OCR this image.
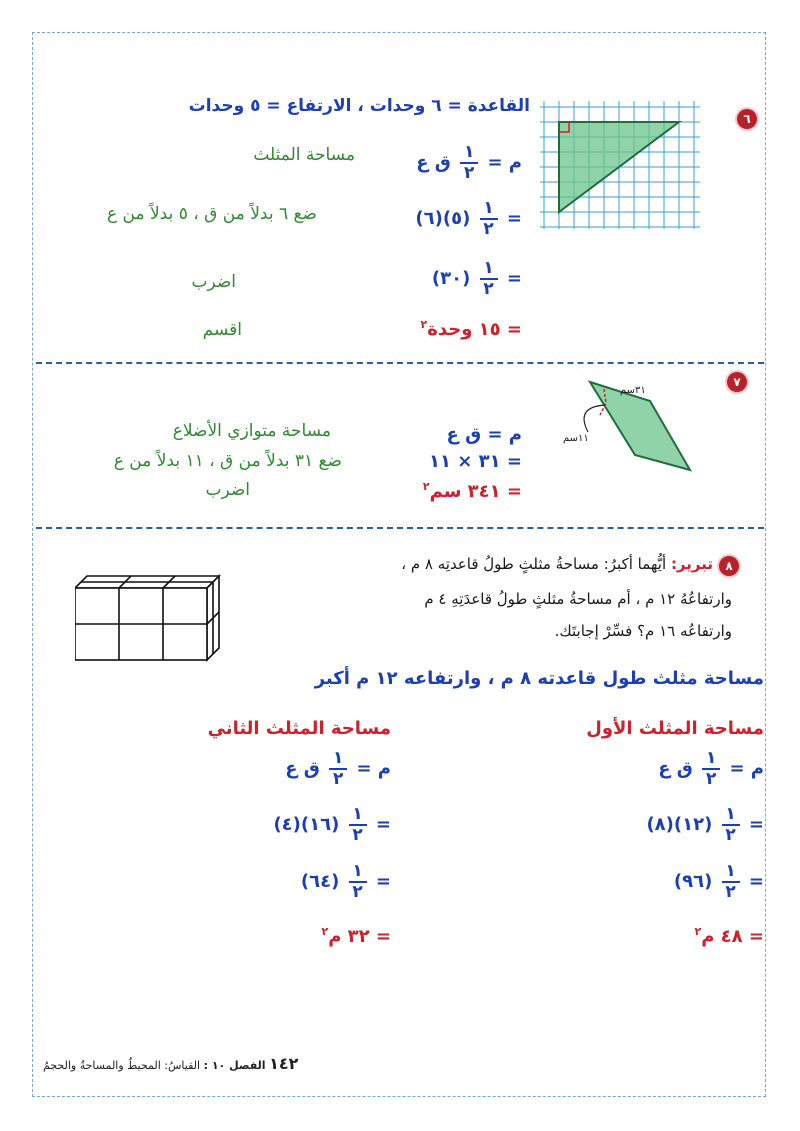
٦
القاعدة = ٦ وحدات ، الارتفاع = ٥ وحدات
م =
$\frac{١}{٢}$
ق ع
مساحة المثلث
=
$\frac{١}{٢}$
(٥)(٦)
ضع ٦ بدلاً من ق ، ٥ بدلاً من ع
=
$\frac{١}{٢}$
(٣٠)
اضرب
= ١٥ وحدة$^٢$
اقسم
٧
٣١سم
١١سم
م = ق ع
مساحة متوازي الأضلاع
= ٣١ × ١١
ضع ٣١ بدلاً من ق ، ١١ بدلاً من ع
= ٣٤١ سم$^٢$
اضرب
٨
تبرير: أيُّهما أكبرُ: مساحةُ مثلثٍ طولُ قاعدتِه ٨ م ،
وارتفاعُهُ ١٢ م ، أم مساحةُ مثلثٍ طولُ قاعدَتِهِ ٤ م
وارتفاعُه ١٦ م؟ فسِّرْ إجابتَك.
مساحة مثلث طول قاعدته ٨ م ، وارتفاعه ١٢ م أكبر
مساحة المثلث الأول
مساحة المثلث الثاني
م =
$\frac{١}{٢}$
ق ع
=
$\frac{١}{٢}$
(١٢)(٨)
=
$\frac{١}{٢}$
(٩٦)
= ٤٨ م$^٢$
م =
$\frac{١}{٢}$
ق ع
=
$\frac{١}{٢}$
(١٦)(٤)
=
$\frac{١}{٢}$
(٦٤)
= ٣٢ م$^٢$
١٤٢ الفصل ١٠ : القياسُ: المحيطُ والمساحةُ والحجمُ
